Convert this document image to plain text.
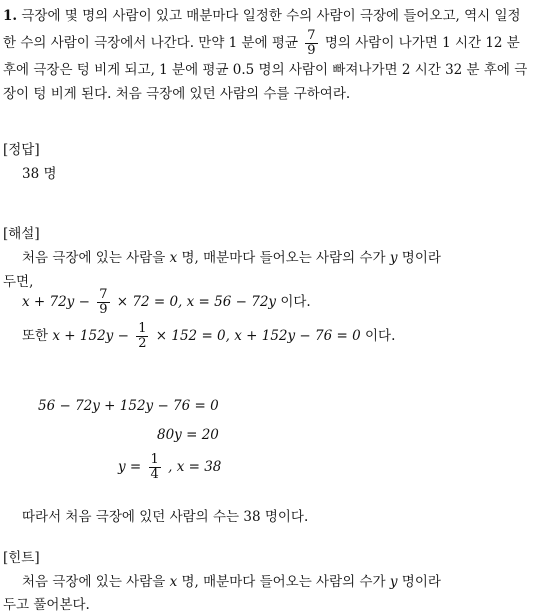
1. 극장에 몇 명의 사람이 있고 매분마다 일정한 수의 사람이 극장에 들어오고, 역시 일정한 수의 사람이 극장에서 나간다. 만약 1 분에 평균 $\frac{7}{9}$ 명의 사람이 나가면 1 시간 12 분 후에 극장은 텅 비게 되고, 1 분에 평균 0.5 명의 사람이 빠져나가면 2 시간 32 분 후에 극장이 텅 비게 된다. 처음 극장에 있던 사람의 수를 구하여라.
[정답]
38 명
[해설]
처음 극장에 있는 사람을 x 명, 매분마다 들어오는 사람의 수가 y 명이라
두면,
$x + 72y - \frac{7}{9} \times 72 = 0$, x = 56 − 72y 이다.
또한 $x + 152y - \frac{1}{2} \times 152 = 0$, x + 152y − 76 = 0 이다.
56 − 72y + 152y − 76 = 0
80y = 20
$y = \frac{1}{4}$ , x = 38
따라서 처음 극장에 있던 사람의 수는 38 명이다.
[힌트]
처음 극장에 있는 사람을 x 명, 매분마다 들어오는 사람의 수가 y 명이라
두고 풀어본다.
